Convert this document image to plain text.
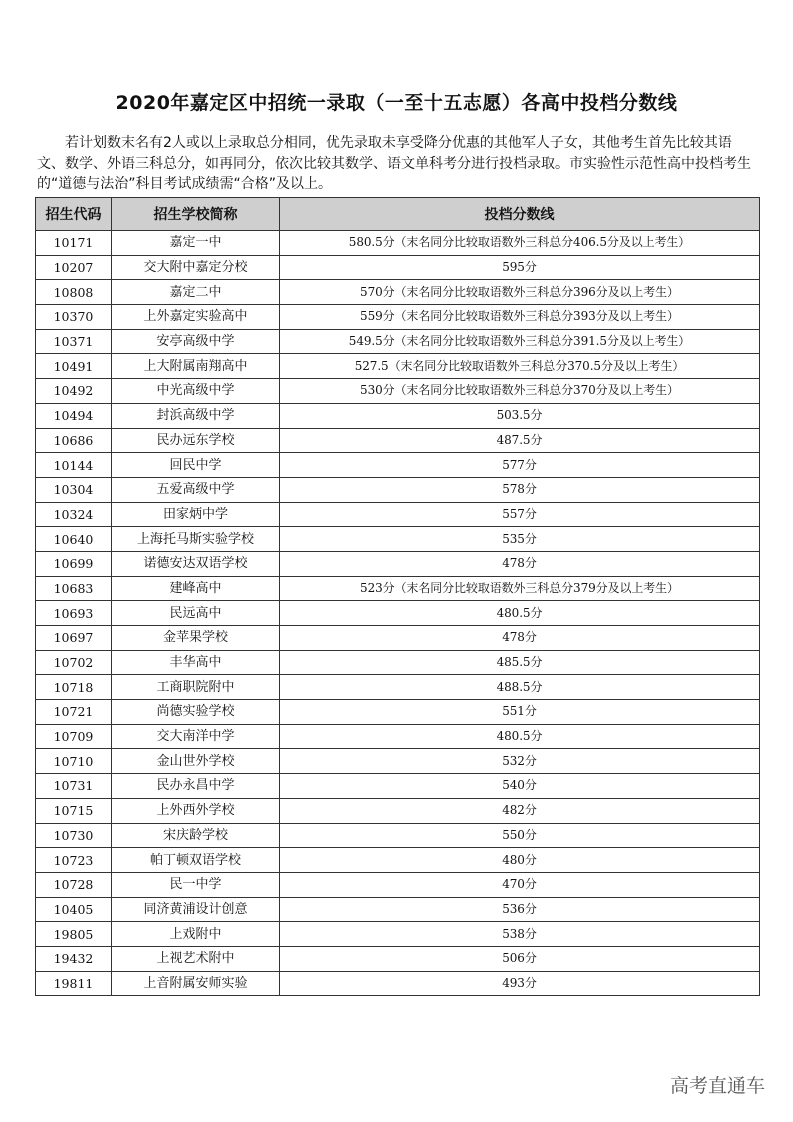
2020年嘉定区中招统一录取（一至十五志愿）各高中投档分数线
若计划数末名有2人或以上录取总分相同，优先录取未享受降分优惠的其他军人子女，其他考生首先比较其语文、数学、外语三科总分，如再同分，依次比较其数学、语文单科考分进行投档录取。市实验性示范性高中投档考生的“道德与法治”科目考试成绩需“合格”及以上。
招生代码	招生学校简称	投档分数线
10171	嘉定一中	580.5分（末名同分比较取语数外三科总分406.5分及以上考生）
10207	交大附中嘉定分校	595分
10808	嘉定二中	570分（末名同分比较取语数外三科总分396分及以上考生）
10370	上外嘉定实验高中	559分（末名同分比较取语数外三科总分393分及以上考生）
10371	安亭高级中学	549.5分（末名同分比较取语数外三科总分391.5分及以上考生）
10491	上大附属南翔高中	527.5（末名同分比较取语数外三科总分370.5分及以上考生）
10492	中光高级中学	530分（末名同分比较取语数外三科总分370分及以上考生）
10494	封浜高级中学	503.5分
10686	民办远东学校	487.5分
10144	回民中学	577分
10304	五爱高级中学	578分
10324	田家炳中学	557分
10640	上海托马斯实验学校	535分
10699	诺德安达双语学校	478分
10683	建峰高中	523分（末名同分比较取语数外三科总分379分及以上考生）
10693	民远高中	480.5分
10697	金苹果学校	478分
10702	丰华高中	485.5分
10718	工商职院附中	488.5分
10721	尚德实验学校	551分
10709	交大南洋中学	480.5分
10710	金山世外学校	532分
10731	民办永昌中学	540分
10715	上外西外学校	482分
10730	宋庆龄学校	550分
10723	帕丁顿双语学校	480分
10728	民一中学	470分
10405	同济黄浦设计创意	536分
19805	上戏附中	538分
19432	上视艺术附中	506分
19811	上音附属安师实验	493分
高考直通车
